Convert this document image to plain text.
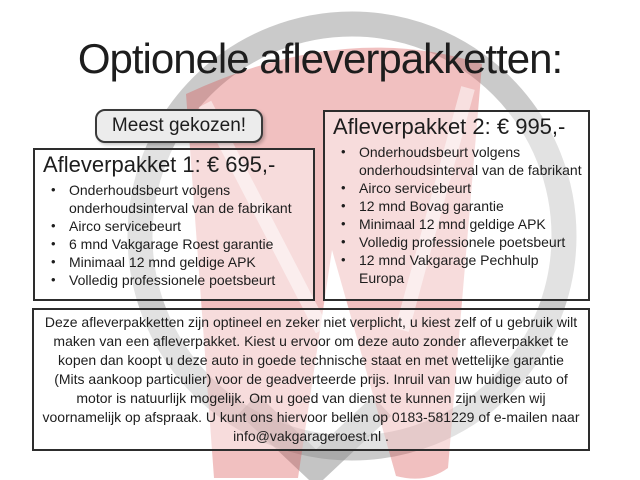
Optionele afleverpakketten:
Meest gekozen!
Afleverpakket 1: € 695,-
• Onderhoudsbeurt volgens onderhoudsinterval van de fabrikant
• Airco servicebeurt
• 6 mnd Vakgarage Roest garantie
• Minimaal 12 mnd geldige APK
• Volledig professionele poetsbeurt
Afleverpakket 2: € 995,-
• Onderhoudsbeurt volgens onderhoudsinterval van de fabrikant
• Airco servicebeurt
• 12 mnd Bovag garantie
• Minimaal 12 mnd geldige APK
• Volledig professionele poetsbeurt
• 12 mnd Vakgarage Pechhulp Europa

Deze afleverpakketten zijn optineel en zeker niet verplicht, u kiest zelf of u gebruik wilt maken van een afleverpakket. Kiest u ervoor om deze auto zonder afleverpakket te kopen dan koopt u deze auto in goede technische staat en met wettelijke garantie (Mits aankoop particulier) voor de geadverteerde prijs. Inruil van uw huidige auto of motor is natuurlijk mogelijk. Om u goed van dienst te kunnen zijn werken wij voornamelijk op afspraak. U kunt ons hiervoor bellen op 0183-581229 of e-mailen naar info@vakgarageroest.nl .
